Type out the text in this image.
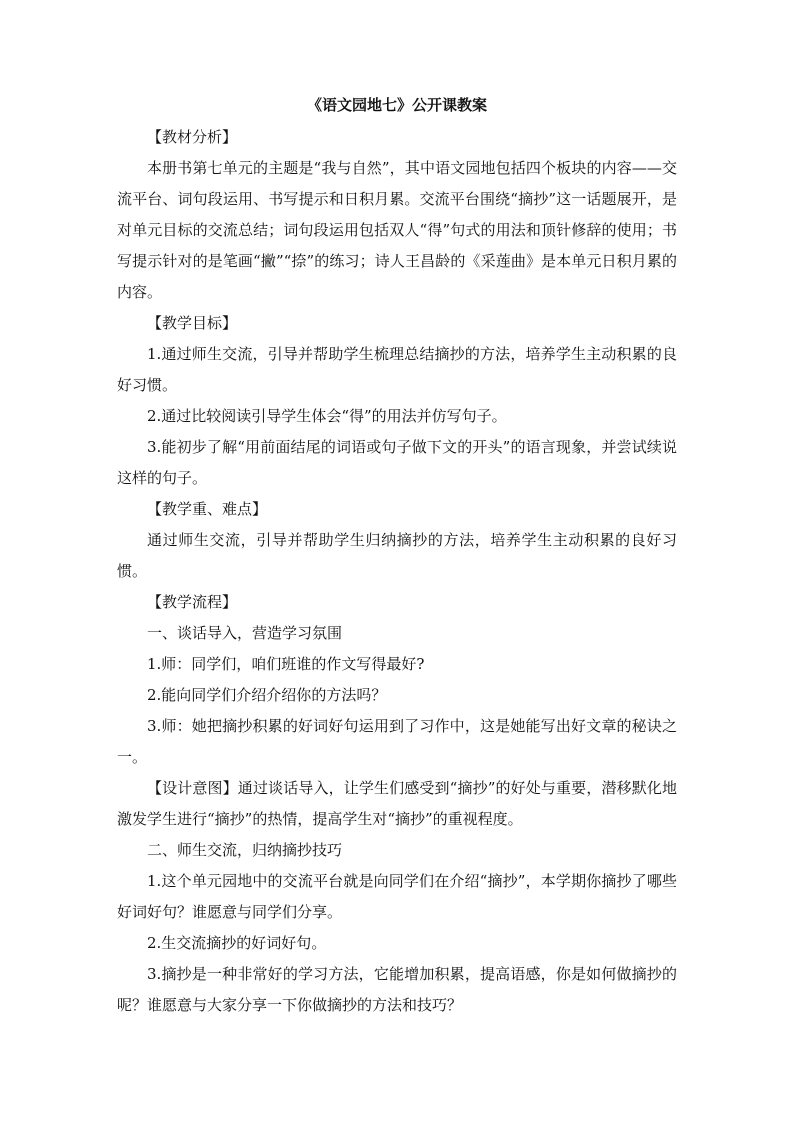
《语文园地七》公开课教案

【教材分析】

本册书第七单元的主题是“我与自然”，其中语文园地包括四个板块的内容——交流平台、词句段运用、书写提示和日积月累。交流平台围绕“摘抄”这一话题展开，是对单元目标的交流总结；词句段运用包括双人“得”句式的用法和顶针修辞的使用；书写提示针对的是笔画“撇”“捺”的练习；诗人王昌龄的《采莲曲》是本单元日积月累的内容。

【教学目标】

1.通过师生交流，引导并帮助学生梳理总结摘抄的方法，培养学生主动积累的良好习惯。

2.通过比较阅读引导学生体会“得”的用法并仿写句子。

3.能初步了解“用前面结尾的词语或句子做下文的开头”的语言现象，并尝试续说这样的句子。

【教学重、难点】

通过师生交流，引导并帮助学生归纳摘抄的方法，培养学生主动积累的良好习惯。

【教学流程】

一、谈话导入，营造学习氛围

1.师：同学们，咱们班谁的作文写得最好?

2.能向同学们介绍介绍你的方法吗？

3.师：她把摘抄积累的好词好句运用到了习作中，这是她能写出好文章的秘诀之一。

【设计意图】通过谈话导入，让学生们感受到“摘抄”的好处与重要，潜移默化地激发学生进行“摘抄”的热情，提高学生对“摘抄”的重视程度。

二、师生交流，归纳摘抄技巧

1.这个单元园地中的交流平台就是向同学们在介绍“摘抄”，本学期你摘抄了哪些好词好句？谁愿意与同学们分享。

2.生交流摘抄的好词好句。

3.摘抄是一种非常好的学习方法，它能增加积累，提高语感，你是如何做摘抄的呢？谁愿意与大家分享一下你做摘抄的方法和技巧？
